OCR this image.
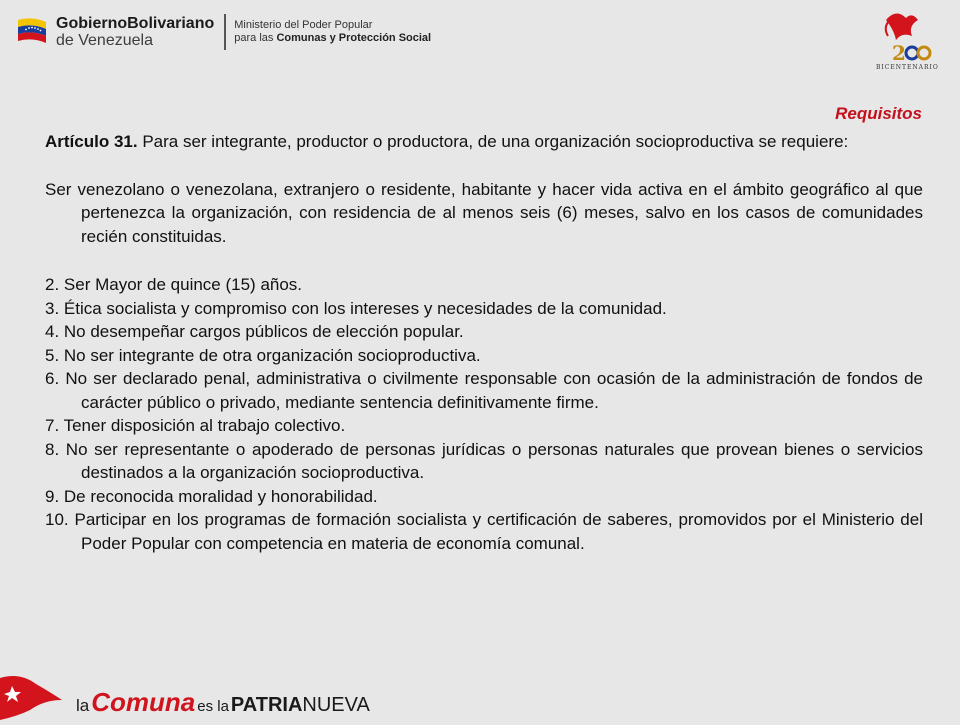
GobiernoBolivariano
de Venezuela
Ministerio del Poder Popular
para las Comunas y Protección Social
2
BICENTENARIO
Requisitos

Artículo 31. Para ser integrante, productor o productora, de una organización socioproductiva se requiere:

Ser venezolano o venezolana, extranjero o residente, habitante y hacer vida activa en el ámbito geográfico al que pertenezca la organización, con residencia de al menos seis (6) meses, salvo en los casos de comunidades recién constituidas.

2. Ser Mayor de quince (15) años.

3. Ética socialista y compromiso con los intereses y necesidades de la comunidad.

4. No desempeñar cargos públicos de elección popular.

5. No ser integrante de otra organización socioproductiva.

6. No ser declarado penal, administrativa o civilmente responsable con ocasión de la administración de fondos de carácter público o privado, mediante sentencia definitivamente firme.

7. Tener disposición al trabajo colectivo.

8. No ser representante o apoderado de personas jurídicas o personas naturales que provean bienes o servicios destinados a la organización socioproductiva.

9. De reconocida moralidad y honorabilidad.

10. Participar en los programas de formación socialista y certificación de saberes, promovidos por el Ministerio del Poder Popular con competencia en materia de economía comunal.

la Comuna es la PATRIA NUEVA
